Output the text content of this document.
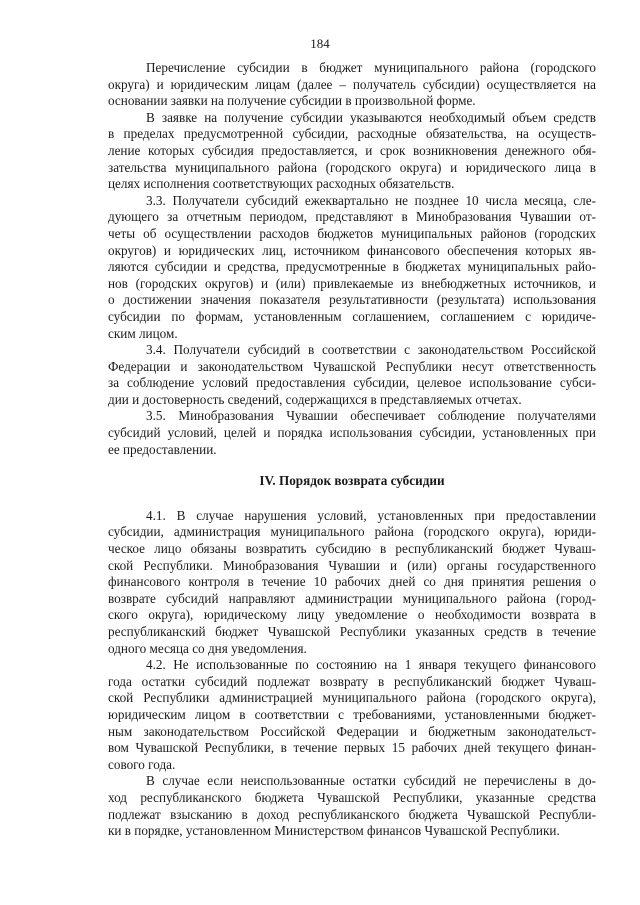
184

Перечисление субсидии в бюджет муниципального района (городского
округа) и юридическим лицам (далее – получатель субсидии) осуществляется на
основании заявки на получение субсидии в произвольной форме.

В заявке на получение субсидии указываются необходимый объем средств
в пределах предусмотренной субсидии, расходные обязательства, на осуществ-
ление которых субсидия предоставляется, и срок возникновения денежного обя-
зательства муниципального района (городского округа) и юридического лица в
целях исполнения соответствующих расходных обязательств.

3.3. Получатели субсидий ежеквартально не позднее 10 числа месяца, сле-
дующего за отчетным периодом, представляют в Минобразования Чувашии от-
четы об осуществлении расходов бюджетов муниципальных районов (городских
округов) и юридических лиц, источником финансового обеспечения которых яв-
ляются субсидии и средства, предусмотренные в бюджетах муниципальных райо-
нов (городских округов) и (или) привлекаемые из внебюджетных источников, и
о достижении значения показателя результативности (результата) использования
субсидии по формам, установленным соглашением, соглашением с юридиче-
ским лицом.

3.4. Получатели субсидий в соответствии с законодательством Российской
Федерации и законодательством Чувашской Республики несут ответственность
за соблюдение условий предоставления субсидии, целевое использование субси-
дии и достоверность сведений, содержащихся в представляемых отчетах.

3.5. Минобразования Чувашии обеспечивает соблюдение получателями
субсидий условий, целей и порядка использования субсидии, установленных при
ее предоставлении.

IV. Порядок возврата субсидии

4.1. В случае нарушения условий, установленных при предоставлении
субсидии, администрация муниципального района (городского округа), юриди-
ческое лицо обязаны возвратить субсидию в республиканский бюджет Чуваш-
ской Республики. Минобразования Чувашии и (или) органы государственного
финансового контроля в течение 10 рабочих дней со дня принятия решения о
возврате субсидий направляют администрации муниципального района (город-
ского округа), юридическому лицу уведомление о необходимости возврата в
республиканский бюджет Чувашской Республики указанных средств в течение
одного месяца со дня уведомления.

4.2. Не использованные по состоянию на 1 января текущего финансового
года остатки субсидий подлежат возврату в республиканский бюджет Чуваш-
ской Республики администрацией муниципального района (городского округа),
юридическим лицом в соответствии с требованиями, установленными бюджет-
ным законодательством Российской Федерации и бюджетным законодательст-
вом Чувашской Республики, в течение первых 15 рабочих дней текущего финан-
сового года.

В случае если неиспользованные остатки субсидий не перечислены в до-
ход республиканского бюджета Чувашской Республики, указанные средства
подлежат взысканию в доход республиканского бюджета Чувашской Республи-
ки в порядке, установленном Министерством финансов Чувашской Республики.
